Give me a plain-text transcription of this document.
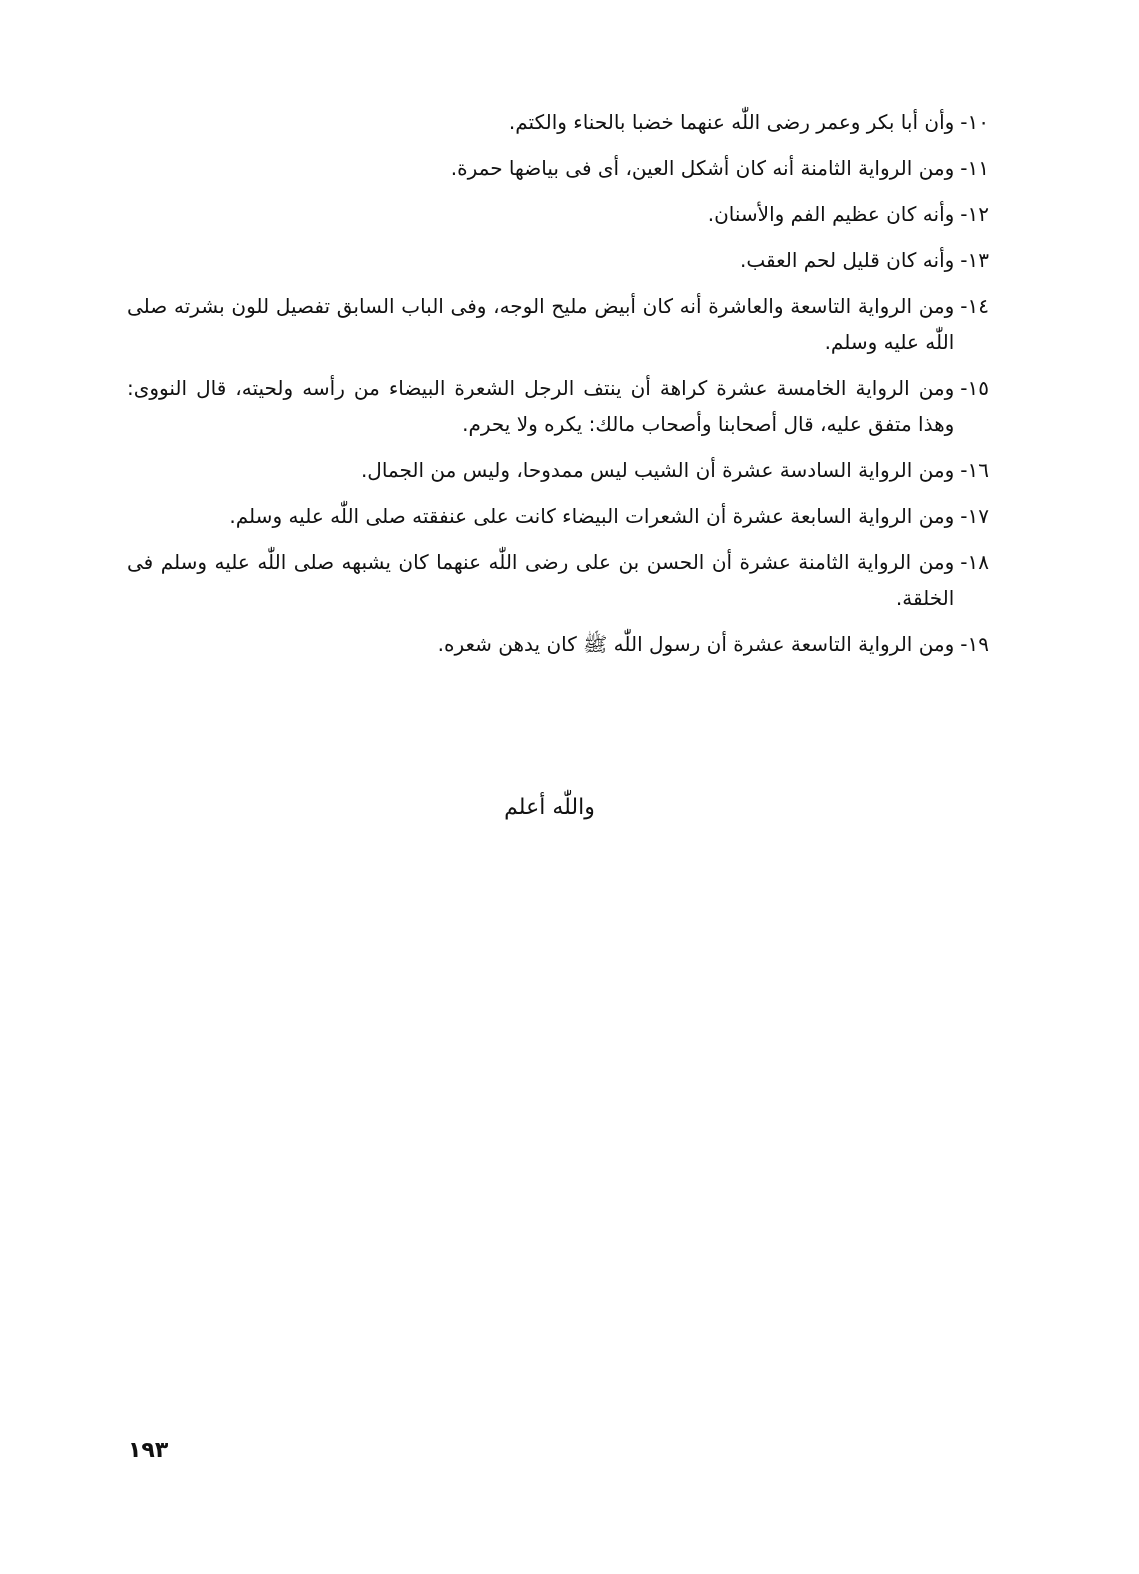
١٠-
وأن أبا بكر وعمر رضى اللّٰه عنهما خضبا بالحناء والكتم.
١١-
ومن الرواية الثامنة أنه كان أشكل العين، أى فى بياضها حمرة.
١٢-
وأنه كان عظيم الفم والأسنان.
١٣-
وأنه كان قليل لحم العقب.
١٤-
ومن الرواية التاسعة والعاشرة أنه كان أبيض مليح الوجه، وفى الباب السابق تفصيل للون بشرته صلى اللّٰه عليه وسلم.
١٥-
ومن الرواية الخامسة عشرة كراهة أن ينتف الرجل الشعرة البيضاء من رأسه ولحيته، قال النووى: وهذا متفق عليه، قال أصحابنا وأصحاب مالك: يكره ولا يحرم.
١٦-
ومن الرواية السادسة عشرة أن الشيب ليس ممدوحا، وليس من الجمال.
١٧-
ومن الرواية السابعة عشرة أن الشعرات البيضاء كانت على عنفقته صلى اللّٰه عليه وسلم.
١٨-
ومن الرواية الثامنة عشرة أن الحسن بن على رضى اللّٰه عنهما كان يشبهه صلى اللّٰه عليه وسلم فى الخلقة.
١٩-
ومن الرواية التاسعة عشرة أن رسول اللّٰه ﷺ كان يدهن شعره.
واللّٰه أعلم
١٩٣
